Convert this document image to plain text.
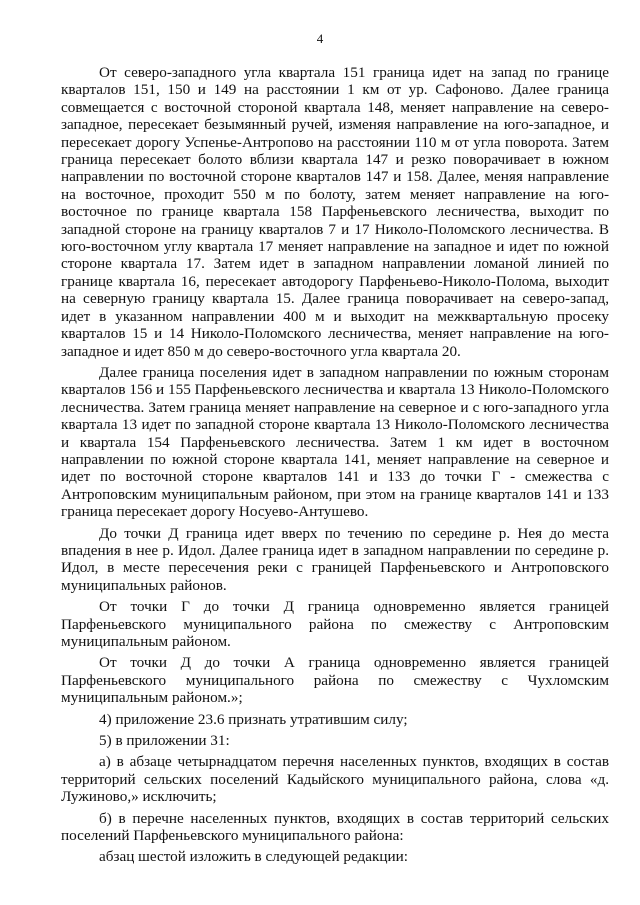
4

От северо-западного угла квартала 151 граница идет на запад по границе кварталов 151, 150 и 149 на расстоянии 1 км от ур. Сафоново. Далее граница совмещается с восточной стороной квартала 148, меняет направление на северо-западное, пересекает безымянный ручей, изменяя направление на юго-западное, и пересекает дорогу Успенье-Антропово на расстоянии 110 м от угла поворота. Затем граница пересекает болото вблизи квартала 147 и резко поворачивает в южном направлении по восточной стороне кварталов 147 и 158. Далее, меняя направление на восточное, проходит 550 м по болоту, затем меняет направление на юго-восточное по границе квартала 158 Парфеньевского лесничества, выходит по западной стороне на границу кварталов 7 и 17 Николо-Поломского лесничества. В юго-восточном углу квартала 17 меняет направление на западное и идет по южной стороне квартала 17. Затем идет в западном направлении ломаной линией по границе квартала 16, пересекает автодорогу Парфеньево-Николо-Полома, выходит на северную границу квартала 15. Далее граница поворачивает на северо-запад, идет в указанном направлении 400 м и выходит на межквартальную просеку кварталов 15 и 14 Николо-Поломского лесничества, меняет направление на юго-западное и идет 850 м до северо-восточного угла квартала 20.

Далее граница поселения идет в западном направлении по южным сторонам кварталов 156 и 155 Парфеньевского лесничества и квартала 13 Николо-Поломского лесничества. Затем граница меняет направление на северное и с юго-западного угла квартала 13 идет по западной стороне квартала 13 Николо-Поломского лесничества и квартала 154 Парфеньевского лесничества. Затем 1 км идет в восточном направлении по южной стороне квартала 141, меняет направление на северное и идет по восточной стороне кварталов 141 и 133 до точки Г - смежества с Антроповским муниципальным районом, при этом на границе кварталов 141 и 133 граница пересекает дорогу Носуево-Антушево.

До точки Д граница идет вверх по течению по середине р. Нея до места впадения в нее р. Идол. Далее граница идет в западном направлении по середине р. Идол, в месте пересечения реки с границей Парфеньевского и Антроповского муниципальных районов.

От точки Г до точки Д граница одновременно является границей Парфеньевского муниципального района по смежеству с Антроповским муниципальным районом.

От точки Д до точки А граница одновременно является границей Парфеньевского муниципального района по смежеству с Чухломским муниципальным районом.»;

4) приложение 23.6 признать утратившим силу;

5) в приложении 31:

а) в абзаце четырнадцатом перечня населенных пунктов, входящих в состав территорий сельских поселений Кадыйского муниципального района, слова «д. Лужиново,» исключить;

б) в перечне населенных пунктов, входящих в состав территорий сельских поселений Парфеньевского муниципального района:

абзац шестой изложить в следующей редакции:
